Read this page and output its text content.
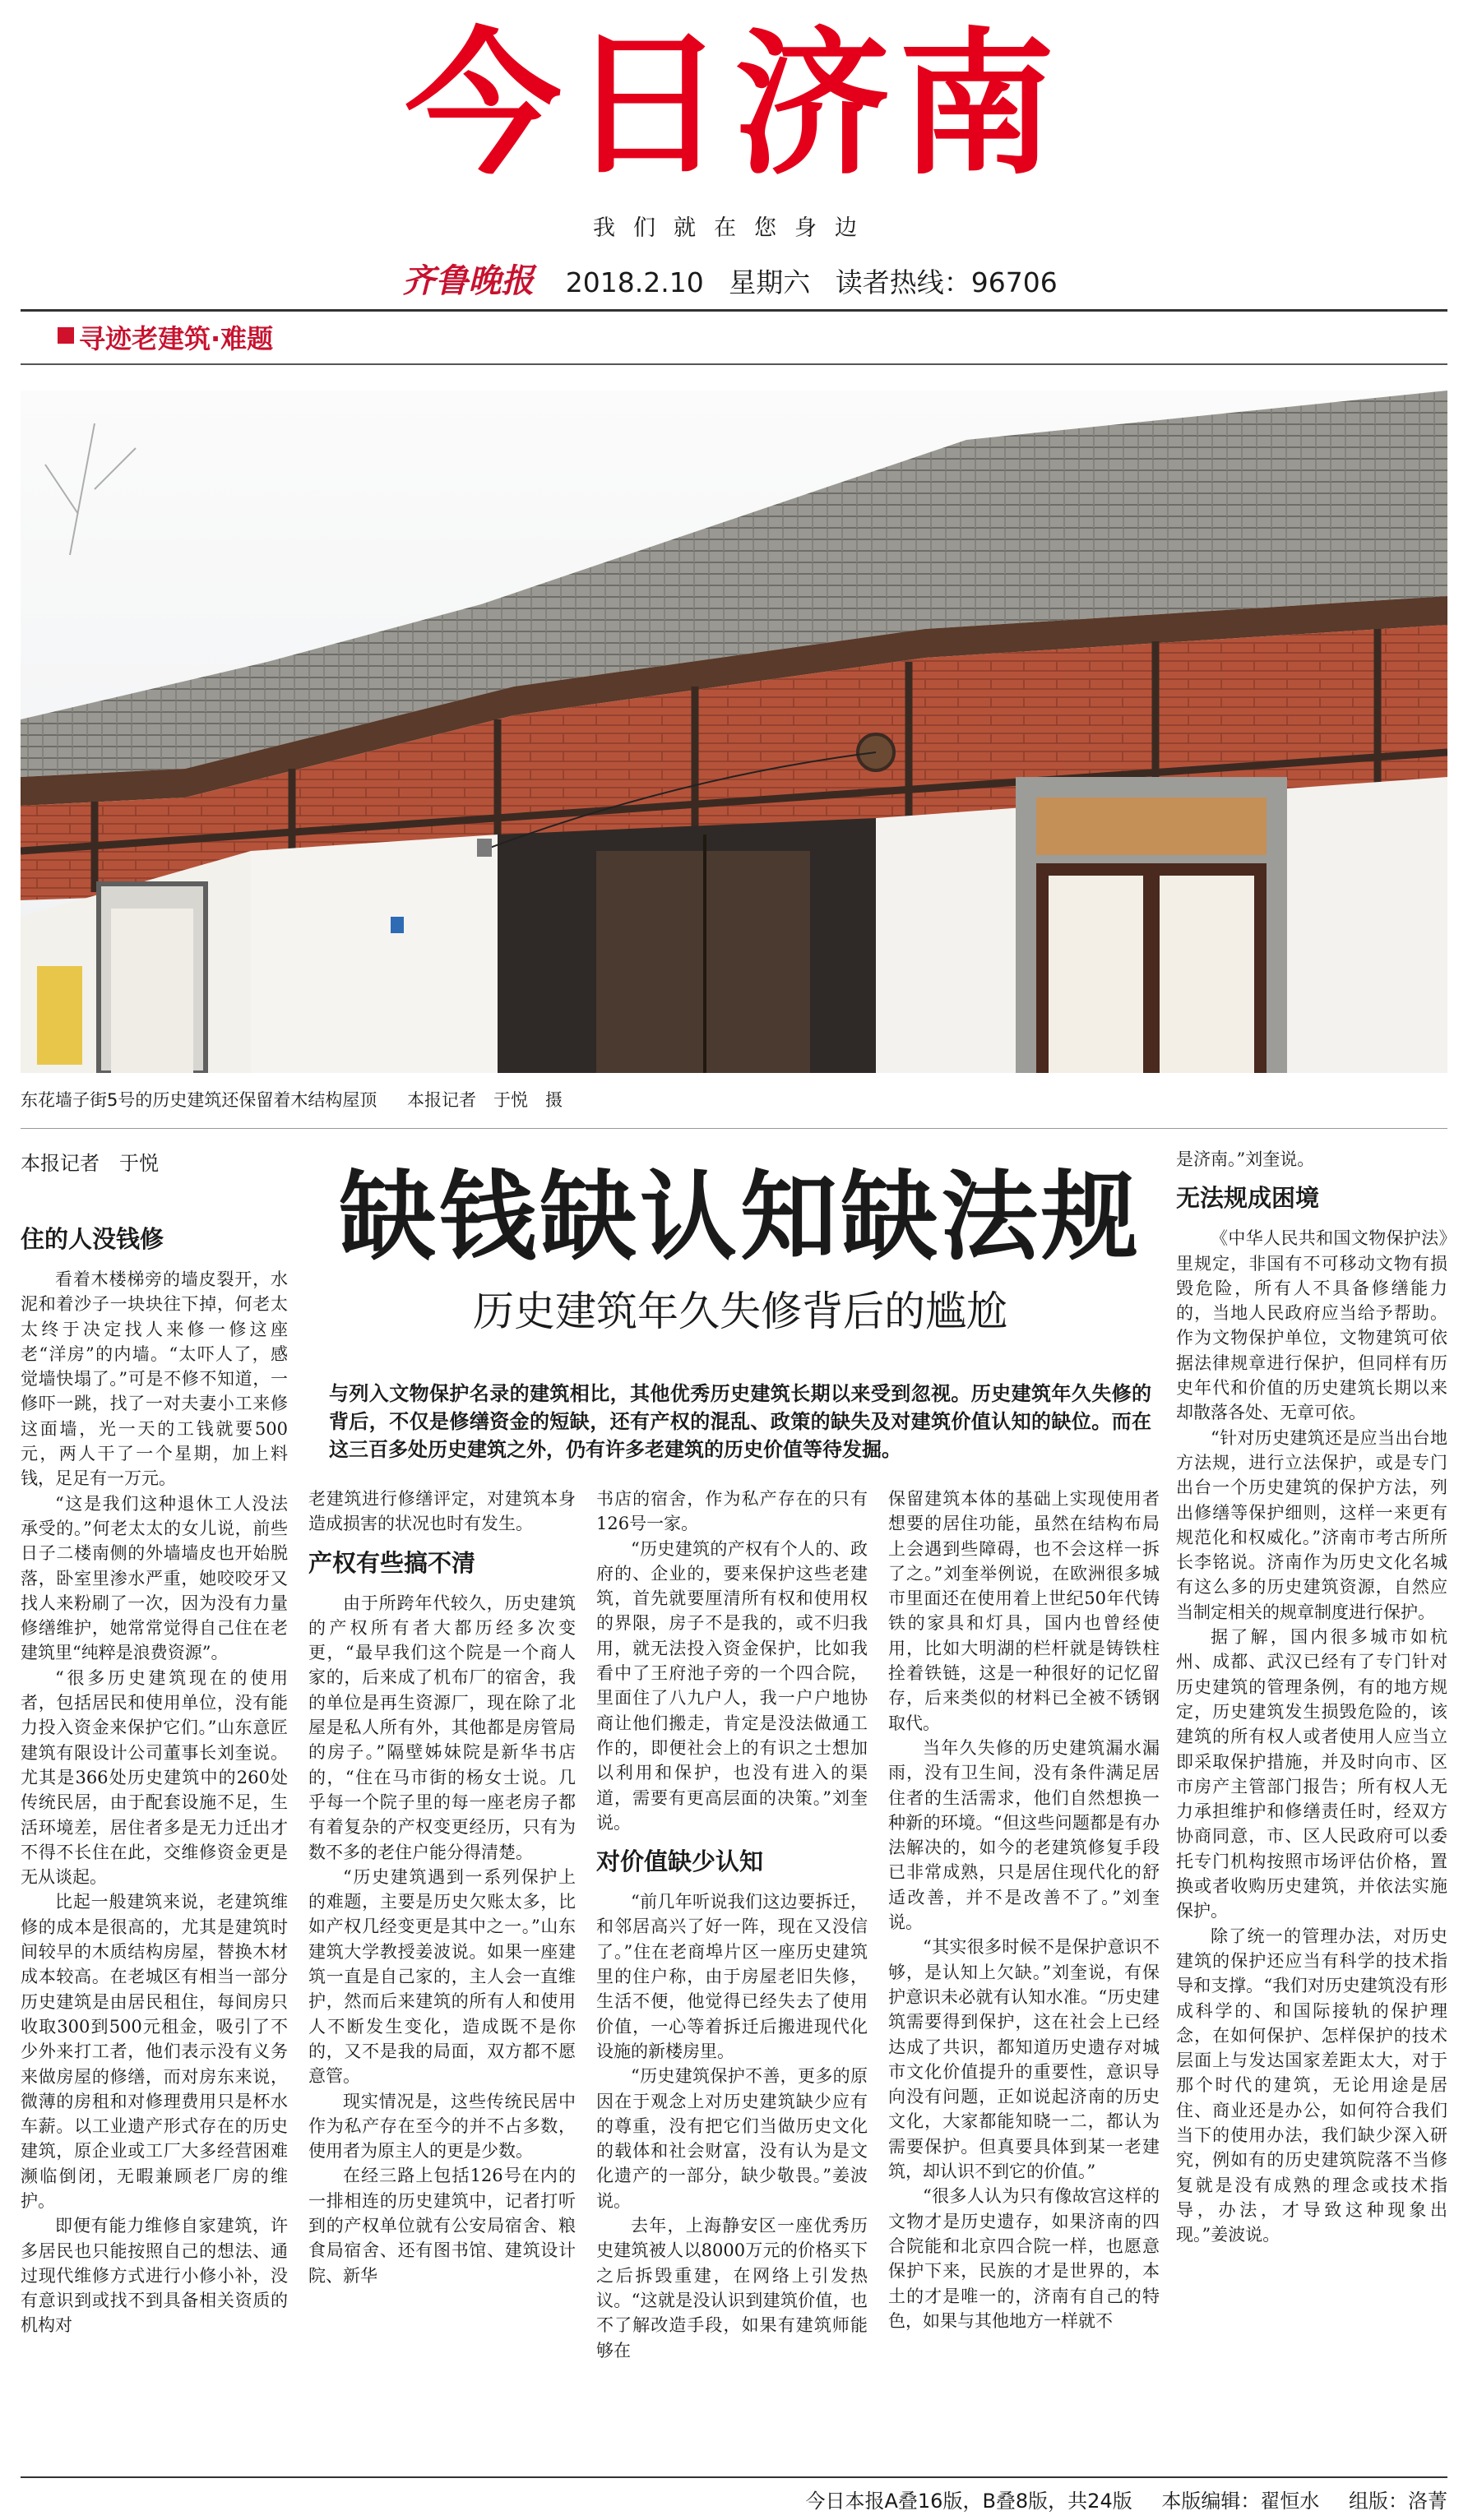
今日济南
我们就在您身边
齐鲁晚报 2018.2.10 星期六 读者热线：96706
寻迹老建筑·难题
东花墙子街5号的历史建筑还保留着木结构屋顶 本报记者　于悦　摄
本报记者　于悦	缺钱缺认知缺法规
历史建筑年久失修背后的尴尬
与列入文物保护名录的建筑相比，其他优秀历史建筑长期以来受到忽视。历史建筑年久失修的背后，不仅是修缮资金的短缺，还有产权的混乱、政策的缺失及对建筑价值认知的缺位。而在这三百多处历史建筑之外，仍有许多老建筑的历史价值等待发掘。
住的人没钱修

看着木楼梯旁的墙皮裂开，水泥和着沙子一块块往下掉，何老太太终于决定找人来修一修这座老“洋房”的内墙。“太吓人了，感觉墙快塌了。”可是不修不知道，一修吓一跳，找了一对夫妻小工来修这面墙，光一天的工钱就要500元，两人干了一个星期，加上料钱，足足有一万元。

“这是我们这种退休工人没法承受的。”何老太太的女儿说，前些日子二楼南侧的外墙墙皮也开始脱落，卧室里渗水严重，她咬咬牙又找人来粉刷了一次，因为没有力量修缮维护，她常常觉得自己住在老建筑里“纯粹是浪费资源”。

“很多历史建筑现在的使用者，包括居民和使用单位，没有能力投入资金来保护它们。”山东意匠建筑有限设计公司董事长刘奎说。尤其是366处历史建筑中的260处传统民居，由于配套设施不足，生活环境差，居住者多是无力迁出才不得不长住在此，交维修资金更是无从谈起。

比起一般建筑来说，老建筑维修的成本是很高的，尤其是建筑时间较早的木质结构房屋，替换木材成本较高。在老城区有相当一部分历史建筑是由居民租住，每间房只收取300到500元租金，吸引了不少外来打工者，他们表示没有义务来做房屋的修缮，而对房东来说，微薄的房租和对修理费用只是杯水车薪。以工业遗产形式存在的历史建筑，原企业或工厂大多经营困难濒临倒闭，无暇兼顾老厂房的维护。

即便有能力维修自家建筑，许多居民也只能按照自己的想法、通过现代维修方式进行小修小补，没有意识到或找不到具备相关资质的机构对

老建筑进行修缮评定，对建筑本身造成损害的状况也时有发生。

产权有些搞不清

由于所跨年代较久，历史建筑的产权所有者大都历经多次变更，“最早我们这个院是一个商人家的，后来成了机布厂的宿舍，我的单位是再生资源厂，现在除了北屋是私人所有外，其他都是房管局的房子。”隔壁姊妹院是新华书店的，“住在马市街的杨女士说。几乎每一个院子里的每一座老房子都有着复杂的产权变更经历，只有为数不多的老住户能分得清楚。

“历史建筑遇到一系列保护上的难题，主要是历史欠账太多，比如产权几经变更是其中之一。”山东建筑大学教授姜波说。如果一座建筑一直是自己家的，主人会一直维护，然而后来建筑的所有人和使用人不断发生变化，造成既不是你的，又不是我的局面，双方都不愿意管。

现实情况是，这些传统民居中作为私产存在至今的并不占多数，使用者为原主人的更是少数。

在经三路上包括126号在内的一排相连的历史建筑中，记者打听到的产权单位就有公安局宿舍、粮食局宿舍、还有图书馆、建筑设计院、新华

书店的宿舍，作为私产存在的只有126号一家。

“历史建筑的产权有个人的、政府的、企业的，要来保护这些老建筑，首先就要厘清所有权和使用权的界限，房子不是我的，或不归我用，就无法投入资金保护，比如我看中了王府池子旁的一个四合院，里面住了八九户人，我一户户地协商让他们搬走，肯定是没法做通工作的，即便社会上的有识之士想加以利用和保护，也没有进入的渠道，需要有更高层面的决策。”刘奎说。

对价值缺少认知

“前几年听说我们这边要拆迁，和邻居高兴了好一阵，现在又没信了。”住在老商埠片区一座历史建筑里的住户称，由于房屋老旧失修，生活不便，他觉得已经失去了使用价值，一心等着拆迁后搬进现代化设施的新楼房里。

“历史建筑保护不善，更多的原因在于观念上对历史建筑缺少应有的尊重，没有把它们当做历史文化的载体和社会财富，没有认为是文化遗产的一部分，缺少敬畏。”姜波说。

去年，上海静安区一座优秀历史建筑被人以8000万元的价格买下之后拆毁重建，在网络上引发热议。“这就是没认识到建筑价值，也不了解改造手段，如果有建筑师能够在

保留建筑本体的基础上实现使用者想要的居住功能，虽然在结构布局上会遇到些障碍，也不会这样一拆了之。”刘奎举例说，在欧洲很多城市里面还在使用着上世纪50年代铸铁的家具和灯具，国内也曾经使用，比如大明湖的栏杆就是铸铁柱拴着铁链，这是一种很好的记忆留存，后来类似的材料已全被不锈钢取代。

当年久失修的历史建筑漏水漏雨，没有卫生间，没有条件满足居住者的生活需求，他们自然想换一种新的环境。“但这些问题都是有办法解决的，如今的老建筑修复手段已非常成熟，只是居住现代化的舒适改善，并不是改善不了。”刘奎说。

“其实很多时候不是保护意识不够，是认知上欠缺。”刘奎说，有保护意识未必就有认知水准。“历史建筑需要得到保护，这在社会上已经达成了共识，都知道历史遗存对城市文化价值提升的重要性，意识导向没有问题，正如说起济南的历史文化，大家都能知晓一二，都认为需要保护。但真要具体到某一老建筑，却认识不到它的价值。”

“很多人认为只有像故宫这样的文物才是历史遗存，如果济南的四合院能和北京四合院一样，也愿意保护下来，民族的才是世界的，本土的才是唯一的，济南有自己的特色，如果与其他地方一样就不

是济南。”刘奎说。

无法规成困境

《中华人民共和国文物保护法》里规定，非国有不可移动文物有损毁危险，所有人不具备修缮能力的，当地人民政府应当给予帮助。作为文物保护单位，文物建筑可依据法律规章进行保护，但同样有历史年代和价值的历史建筑长期以来却散落各处、无章可依。

“针对历史建筑还是应当出台地方法规，进行立法保护，或是专门出台一个历史建筑的保护方法，列出修缮等保护细则，这样一来更有规范化和权威化。”济南市考古所所长李铭说。济南作为历史文化名城有这么多的历史建筑资源，自然应当制定相关的规章制度进行保护。

据了解，国内很多城市如杭州、成都、武汉已经有了专门针对历史建筑的管理条例，有的地方规定，历史建筑发生损毁危险的，该建筑的所有权人或者使用人应当立即采取保护措施，并及时向市、区市房产主管部门报告；所有权人无力承担维护和修缮责任时，经双方协商同意，市、区人民政府可以委托专门机构按照市场评估价格，置换或者收购历史建筑，并依法实施保护。

除了统一的管理办法，对历史建筑的保护还应当有科学的技术指导和支撑。“我们对历史建筑没有形成科学的、和国际接轨的保护理念，在如何保护、怎样保护的技术层面上与发达国家差距太大，对于那个时代的建筑，无论用途是居住、商业还是办公，如何符合我们当下的使用办法，我们缺少深入研究，例如有的历史建筑院落不当修复就是没有成熟的理念或技术指导，办法，才导致这种现象出现。”姜波说。

今日本报A叠16版，B叠8版，共24版 本版编辑：翟恒水 组版：洛菁
